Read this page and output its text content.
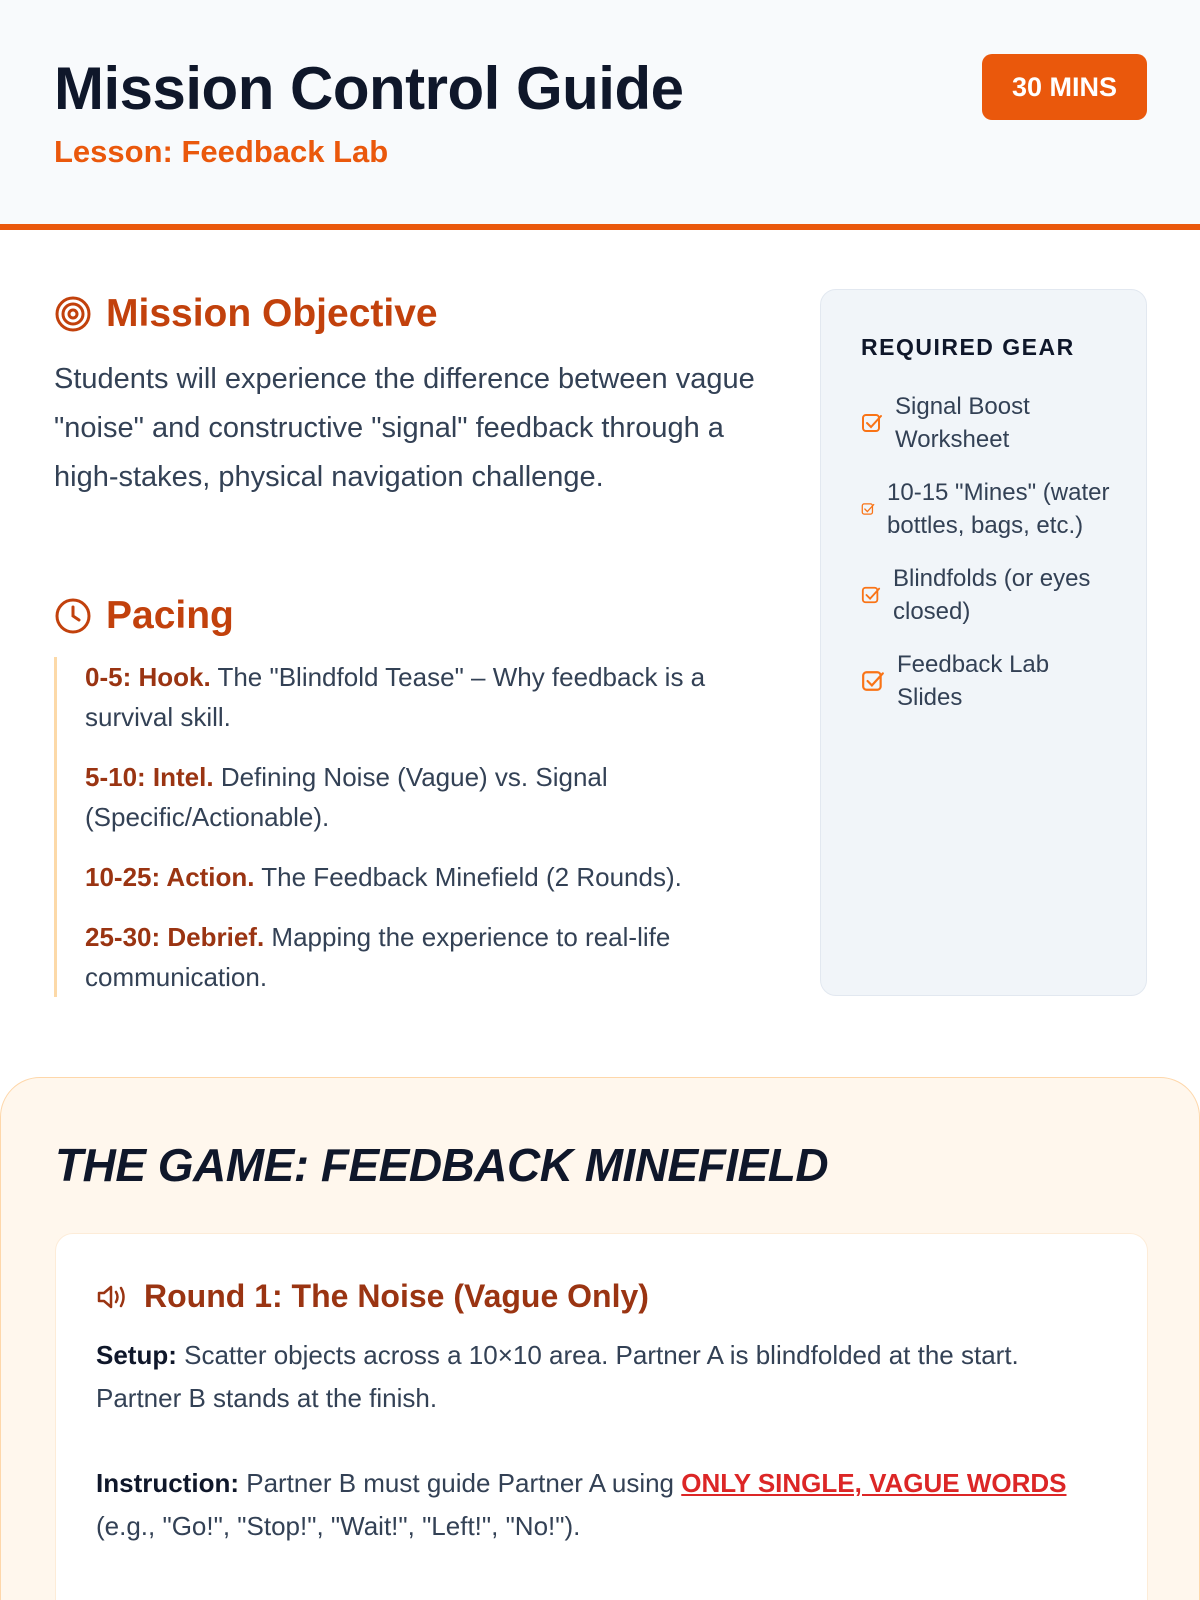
Mission Control Guide
Lesson: Feedback Lab
30 MINS
Mission Objective

Students will experience the difference between vague "noise" and constructive "signal" feedback through a high-stakes, physical navigation challenge.

Pacing
0-5: Hook. The "Blindfold Tease" – Why feedback is a survival skill.
5-10: Intel. Defining Noise (Vague) vs. Signal (Specific/Actionable).
10-25: Action. The Feedback Minefield (2 Rounds).
25-30: Debrief. Mapping the experience to real-life communication.
REQUIRED GEAR
Signal Boost Worksheet
10-15 "Mines" (water bottles, bags, etc.)
Blindfolds (or eyes closed)
Feedback Lab Slides
THE GAME: FEEDBACK MINEFIELD
Round 1: The Noise (Vague Only)

Setup: Scatter objects across a 10×10 area. Partner A is blindfolded at the start. Partner B stands at the finish.

Instruction: Partner B must guide Partner A using ONLY SINGLE, VAGUE WORDS (e.g., "Go!", "Stop!", "Wait!", "Left!", "No!").
